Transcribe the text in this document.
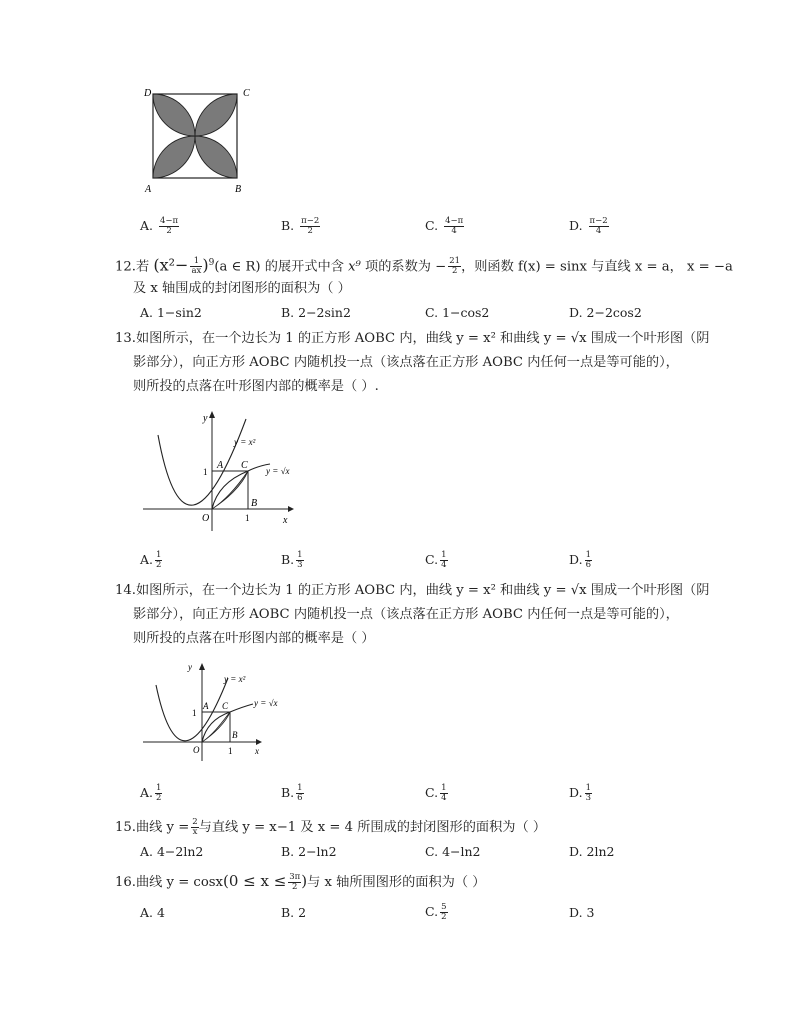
D	C
A	B
A. $\frac{4-\pi}{2}$	B. $\frac{\pi-2}{2}$	C. $\frac{4-\pi}{4}$	D. $\frac{\pi-2}{4}$
12.若 $(x^2- \frac{1}{ax} )^9(a$ ∈ R) 的展开式中含 x⁹ 项的系数为 − $\frac{21}{2}$ ，则函数 f(x) = sinx 与直线 x = a， x = −a
及 x 轴围成的封闭图形的面积为（ ）
A. 1−sin2	B. 2−2sin2	C. 1−cos2	D. 2−2cos2
13.如图所示，在一个边长为 1 的正方形 AOBC 内，曲线 y = x² 和曲线 y = √x 围成一个叶形图（阴
影部分），向正方形 AOBC 内随机投一点（该点落在正方形 AOBC 内任何一点是等可能的），
则所投的点落在叶形图内部的概率是（ ）.
y
x
O
1
1
A
B
C
y = x²
y = √x
A. $\frac{1}{2}$	B. $\frac{1}{3}$	C. $\frac{1}{4}$	D. $\frac{1}{6}$
14.如图所示，在一个边长为 1 的正方形 AOBC 内，曲线 y = x² 和曲线 y = √x 围成一个叶形图（阴
影部分），向正方形 AOBC 内随机投一点（该点落在正方形 AOBC 内任何一点是等可能的），
则所投的点落在叶形图内部的概率是（ ）
y
x
O
1
1
A
B
C
y = x²
y = √x
A. $\frac{1}{2}$	B. $\frac{1}{6}$	C. $\frac{1}{4}$	D. $\frac{1}{3}$
15.曲线 $y = \frac{2}{x}$ 与直线 y = x−1 及 x = 4 所围成的封闭图形的面积为（ ）
A. 4−2ln2	B. 2−ln2	C. 4−ln2	D. 2ln2
16.曲线 $y = \cos x(0 \le x \le \frac{3\pi}{2}$ )与 x 轴所围图形的面积为（ ）
A. 4	B. 2	C. $\frac{5}{2}$	D. 3
